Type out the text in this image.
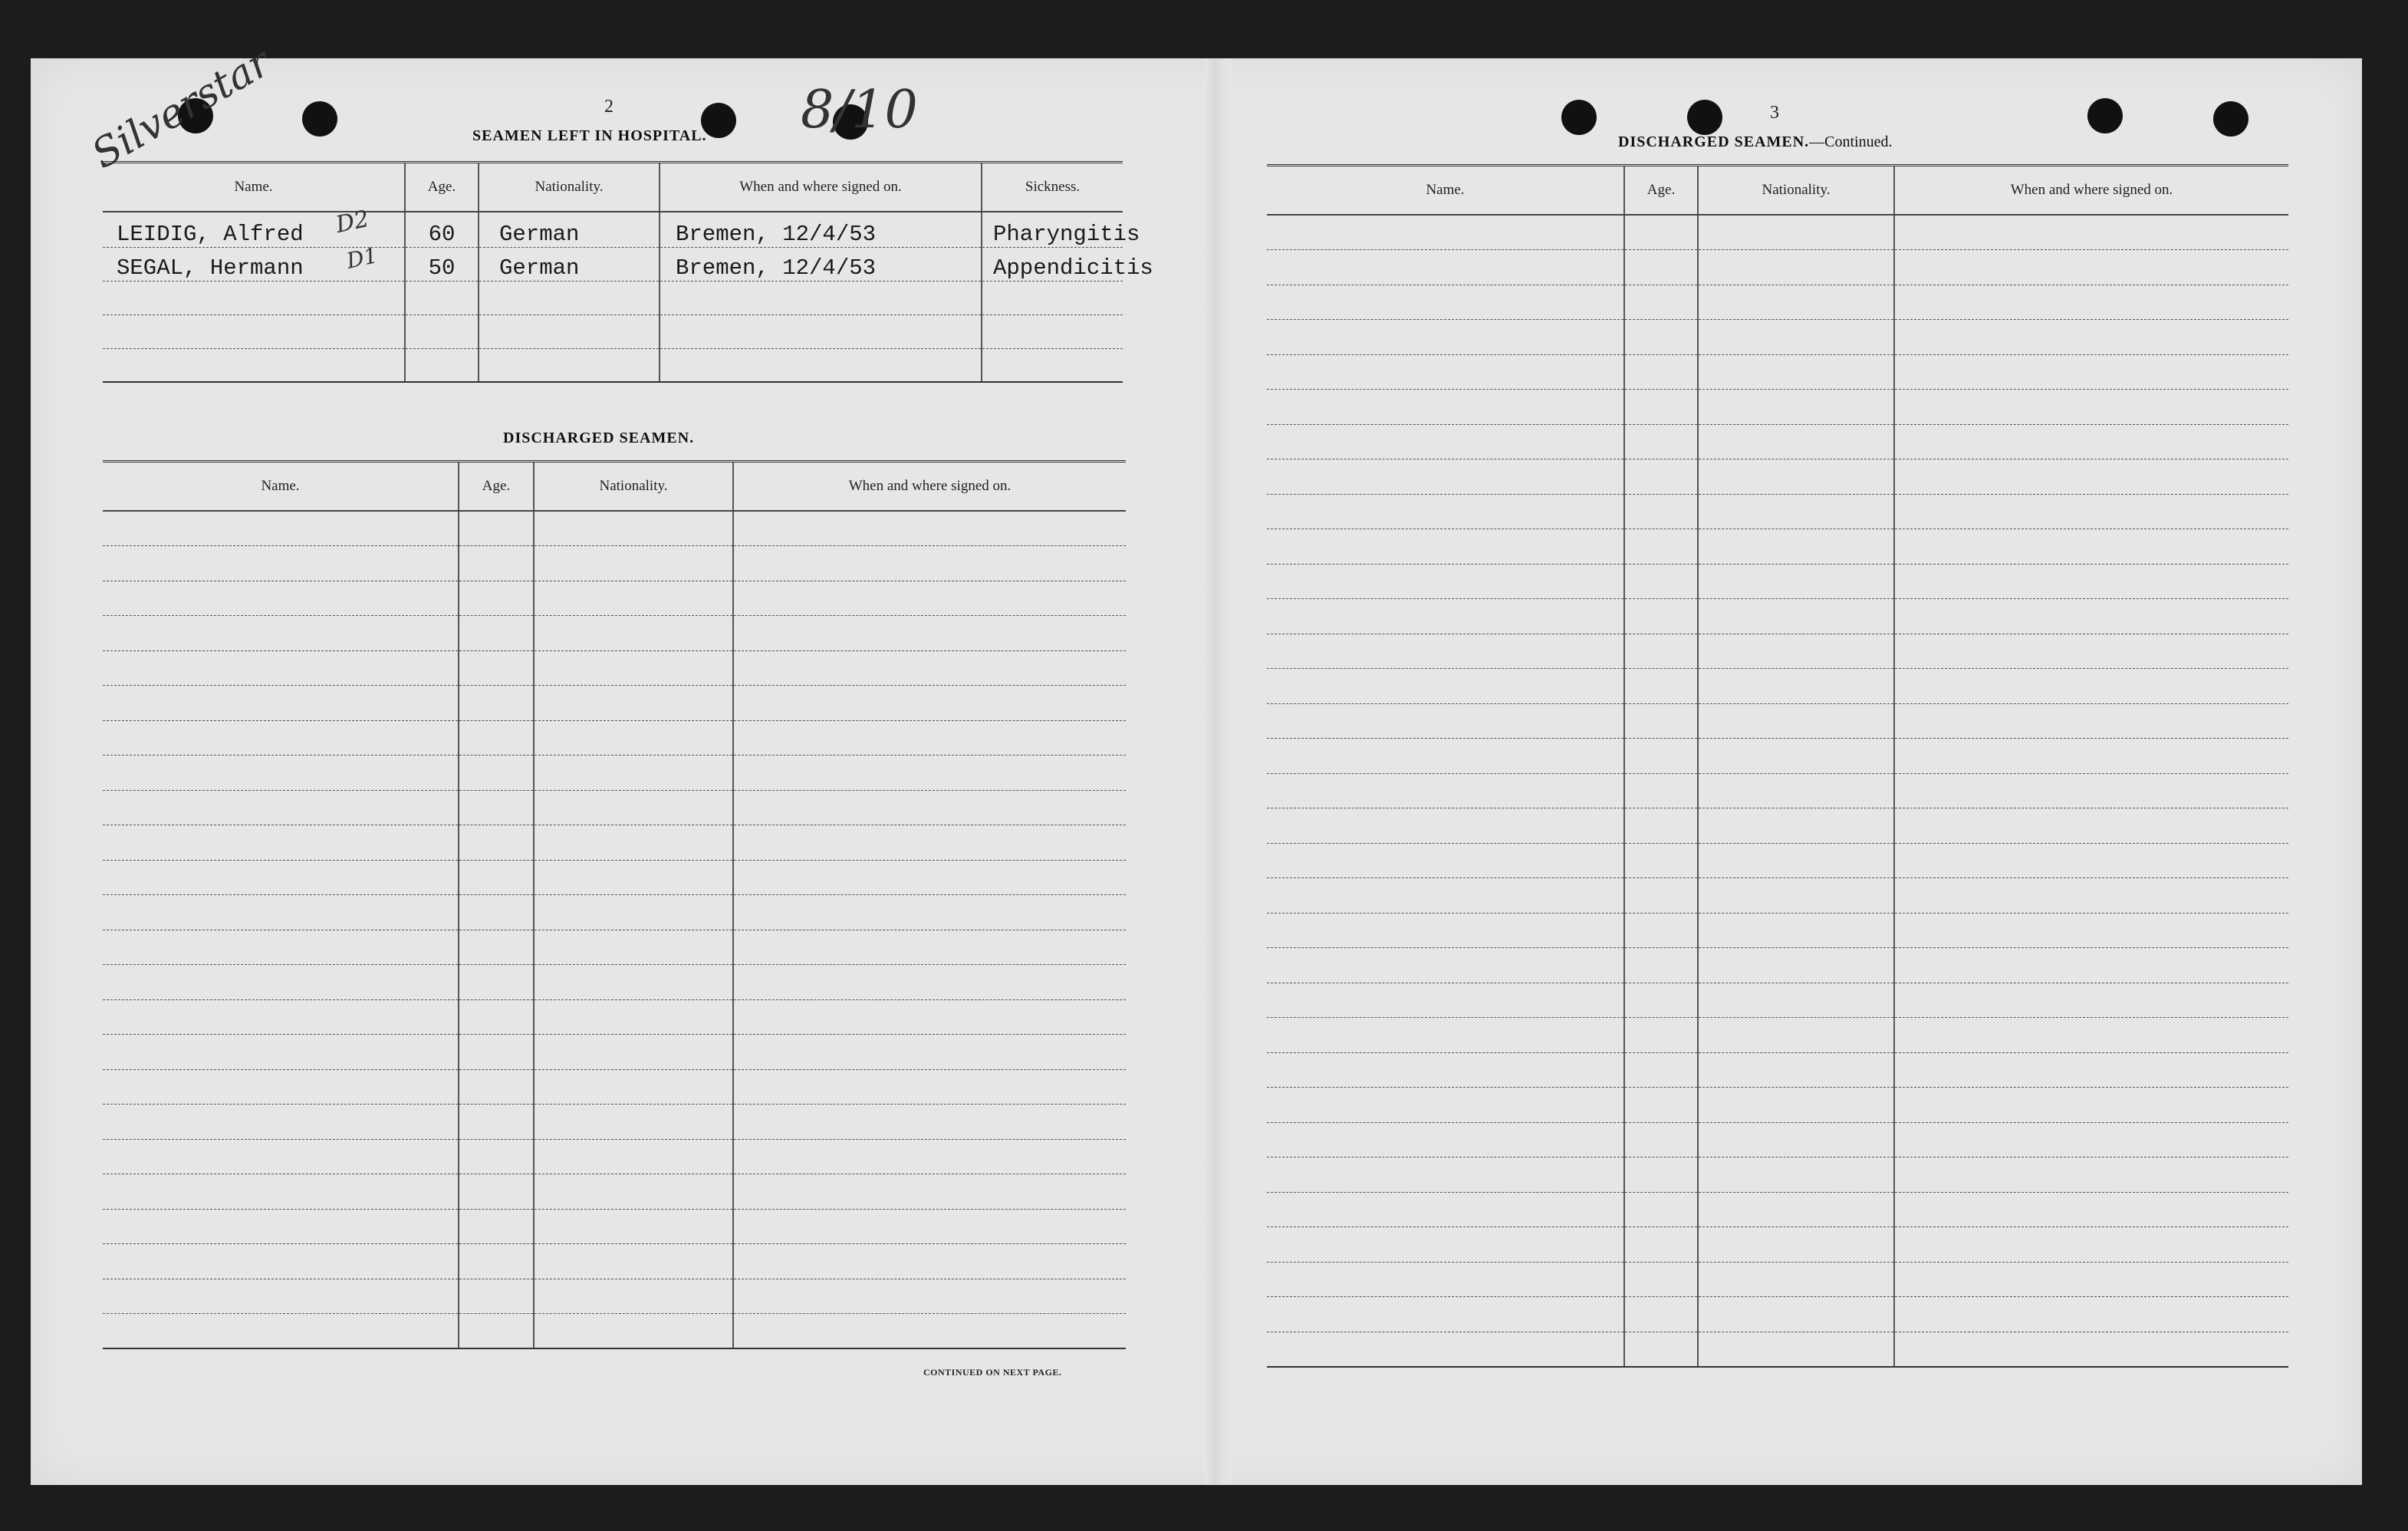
2
SEAMEN LEFT IN HOSPITAL.
Name.	Age.	Nationality.	When and where signed on.	Sickness.
LEIDIG, Alfred	60	German	Bremen, 12/4/53	Pharyngitis
SEGAL, Hermann	50	German	Bremen, 12/4/53	Appendicitis

DISCHARGED SEAMEN.
Name.	Age.	Nationality.	When and where signed on.

CONTINUED ON NEXT PAGE.
3
DISCHARGED SEAMEN.—Continued.
Name.	Age.	Nationality.	When and where signed on.

Silverstar	8/10
D2
D1
